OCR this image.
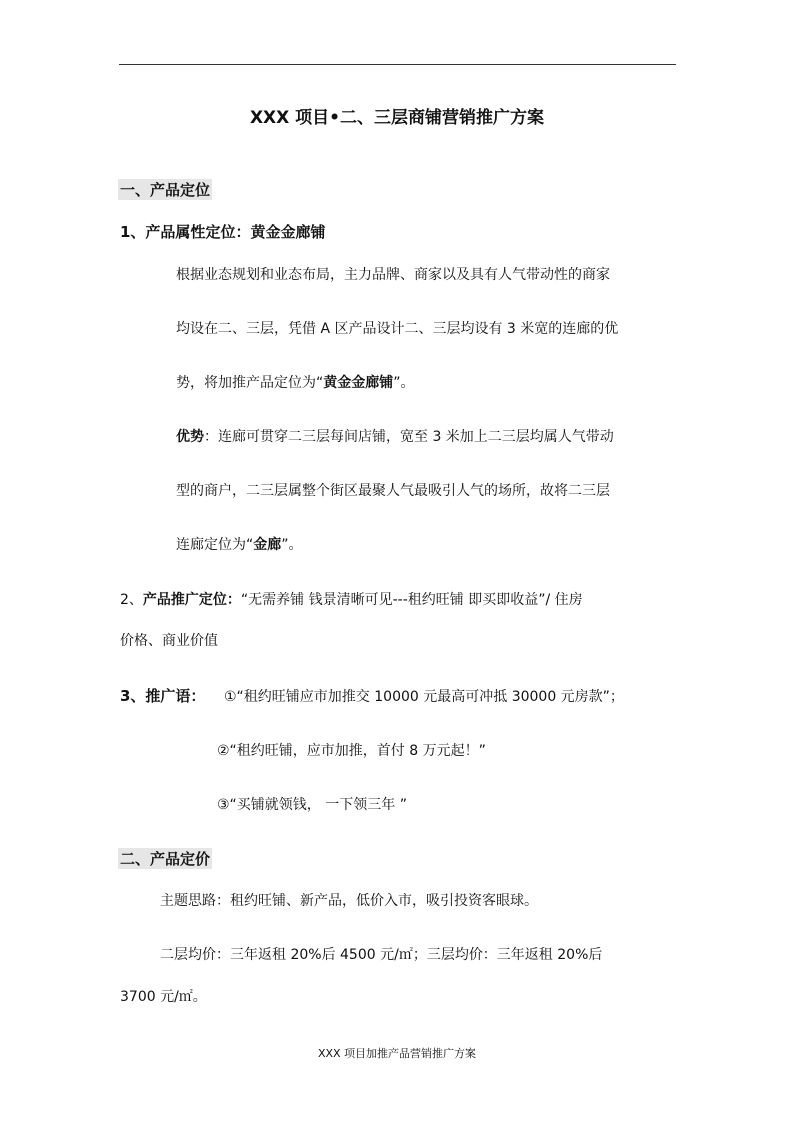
XXX 项目•二、三层商铺营销推广方案
一、产品定位
1、产品属性定位：黄金金廊铺
根据业态规划和业态布局，主力品牌、商家以及具有人气带动性的商家
均设在二、三层，凭借 A 区产品设计二、三层均设有 3 米宽的连廊的优
势，将加推产品定位为“黄金金廊铺”。
优势：连廊可贯穿二三层每间店铺，宽至 3 米加上二三层均属人气带动
型的商户，二三层属整个街区最聚人气最吸引人气的场所，故将二三层
连廊定位为“金廊”。
2、产品推广定位：“无需养铺 钱景清晰可见---租约旺铺 即买即收益”/ 住房
价格、商业价值
3、推广语： ①“租约旺铺应市加推交 10000 元最高可冲抵 30000 元房款”；
②“租约旺铺，应市加推，首付 8 万元起！”
③“买铺就领钱， 一下领三年 ”
二、产品定价
主题思路：租约旺铺、新产品，低价入市，吸引投资客眼球。
二层均价：三年返租 20%后 4500 元/㎡；三层均价：三年返租 20%后
3700 元/㎡。
XXX 项目加推产品营销推广方案
